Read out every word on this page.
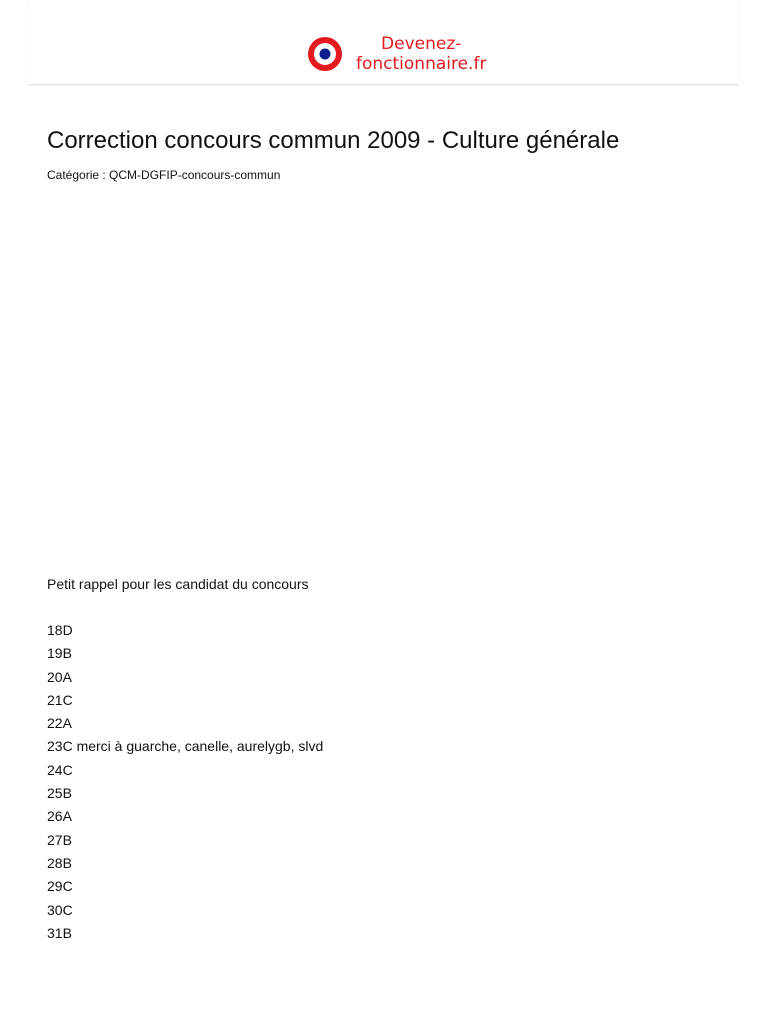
Devenez-
fonctionnaire.fr
Correction concours commun 2009 - Culture générale
Catégorie : QCM-DGFIP-concours-commun
Petit rappel pour les candidat du concours
18D
19B
20A
21C
22A
23C merci à guarche, canelle, aurelygb, slvd
24C
25B
26A
27B
28B
29C
30C
31B
